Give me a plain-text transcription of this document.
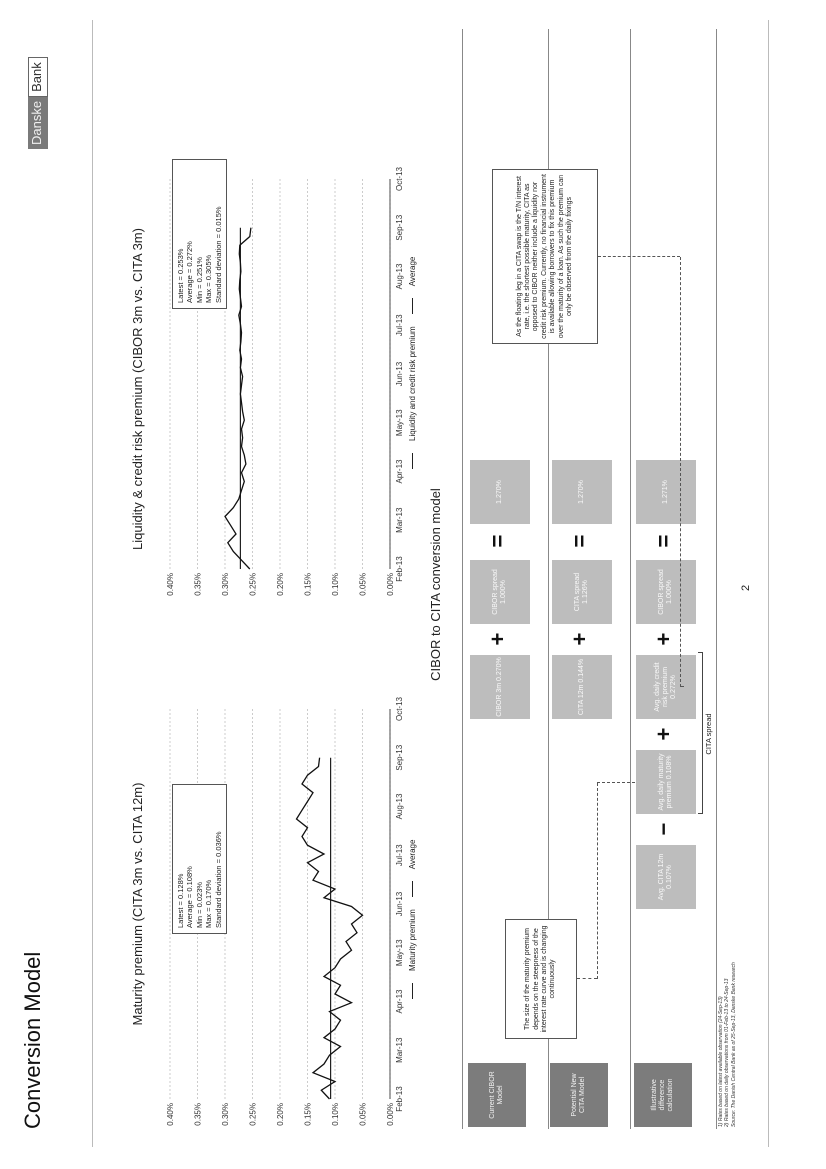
Conversion Model
Danske
Bank
Maturity premium (CITA 3m vs. CITA 12m)
Liquidity & credit risk premium (CIBOR 3m vs. CITA 3m)
0.00%
0.05%
0.10%
0.15%
0.20%
0.25%
0.30%
0.35%
0.40%
Feb-13
Mar-13
Apr-13
May-13
Jun-13
Jul-13
Aug-13
Sep-13
Oct-13
0.00%
0.05%
0.10%
0.15%
0.20%
0.25%
0.30%
0.35%
0.40%
Feb-13
Mar-13
Apr-13
May-13
Jun-13
Jul-13
Aug-13
Sep-13
Oct-13
Latest = 0.128% Average = 0.108% Min = 0.023% Max = 0.170% Standard deviation = 0.036%
Latest = 0.253% Average = 0.272% Min = 0.251% Max = 0.305% Standard deviation = 0.015%
Maturity premium
Average
Liquidity and credit risk premium
Average
CIBOR to CITA conversion model
Current CIBOR Model	Potential New CITA Model	Illustrative difference calculation
CIBOR 3m 0.270%
+
CIBOR spread 1.000%
=
1.270%
CITA 12m 0.144%
+
CITA spread 1.126%
=
1.270%
Avg. CITA 12m 0.107%
−
Avg. daily maturity premium 0.108%
+
Avg. daily credit risk premium 0.272%
+
CIBOR spread 1.000%
=
1.271%
CITA spread
The size of the maturity premium depends on the steepness of the interest rate curve and is changing continuously
As the floating leg in a CITA swap is the T/N interest rate, i.e. the shortest possible maturity, CITA as opposed to CIBOR neither include a liquidity nor credit risk premium. Currently, no financial instrument is available allowing borrowers to fix this premium over the maturity of a loan. As such the premium can only be observed from the daily fixings
1) Rates based on latest available observation (24-Sep-13) 2) Rates based on daily observations from 01-Feb-13 to 24-Sep-13 Source: The Danish Central Bank as of 25-Sep-13, Danske Bank research
2
